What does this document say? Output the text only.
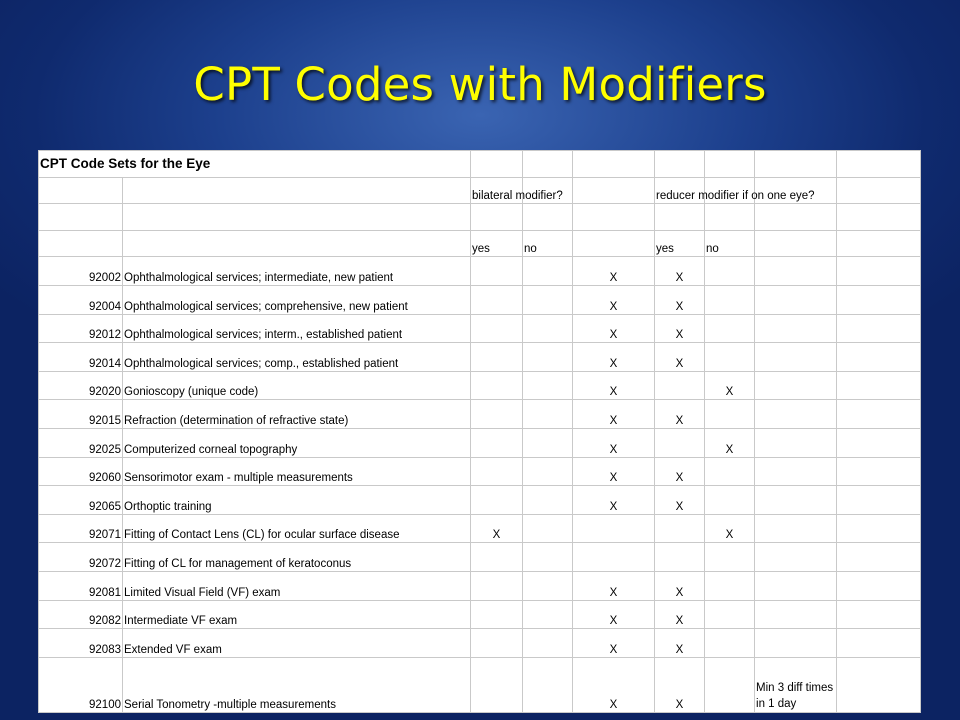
CPT Codes with Modifiers
CPT Code Sets for the Eye								
		bilateral modifier?			reducer modifier if on one eye?			

		yes	no		yes	no		
92002	Ophthalmological services; intermediate, new patient			X	X			
92004	Ophthalmological services; comprehensive, new patient			X	X			
92012	Ophthalmological services; interm., established patient			X	X			
92014	Ophthalmological services; comp., established patient			X	X			
92020	Gonioscopy (unique code)			X		X		
92015	Refraction (determination of refractive state)			X	X			
92025	Computerized corneal topography			X		X		
92060	Sensorimotor exam - multiple measurements			X	X			
92065	Orthoptic training			X	X			
92071	Fitting of Contact Lens (CL) for ocular surface disease	X				X		
92072	Fitting of CL for management of keratoconus							
92081	Limited Visual Field (VF) exam			X	X			
92082	Intermediate VF exam			X	X			
92083	Extended VF exam			X	X			
92100	Serial Tonometry -multiple measurements			X	X		Min 3 diff times in 1 day	
